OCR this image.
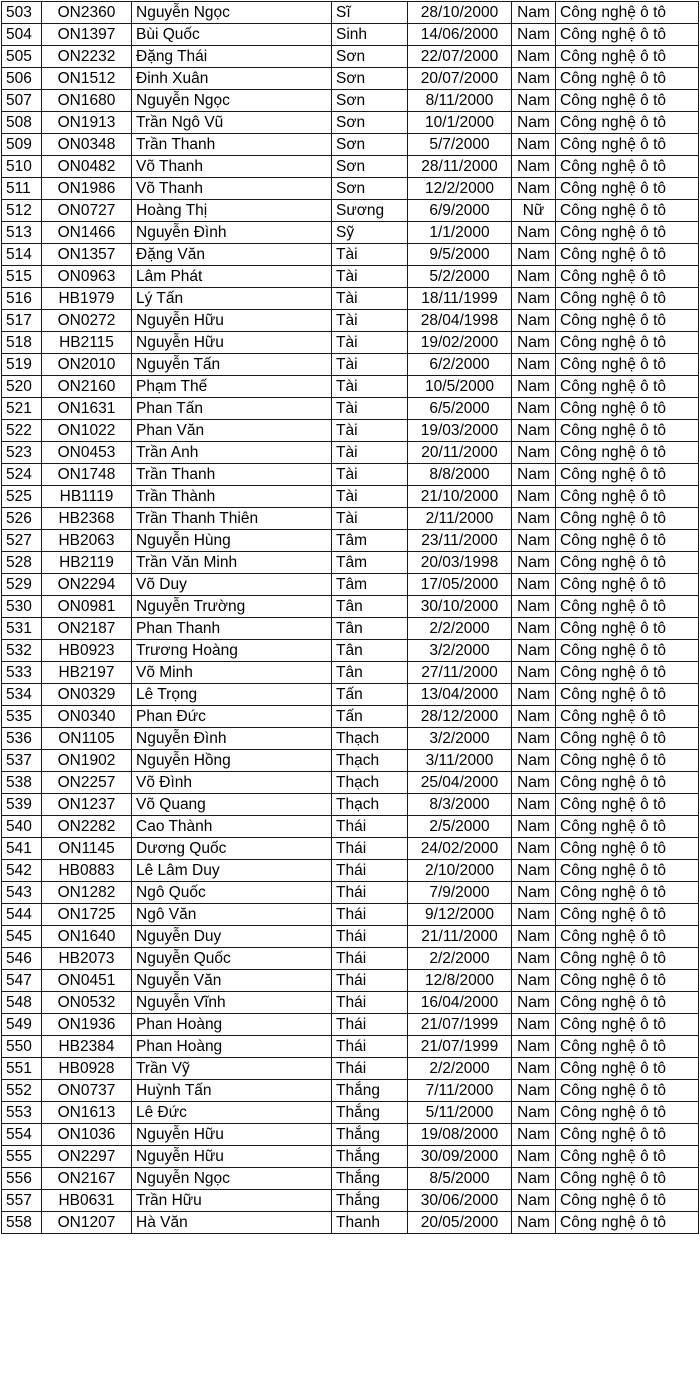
503	ON2360	Nguyễn Ngọc	Sĩ	28/10/2000	Nam	Công nghệ ô tô
504	ON1397	Bùi Quốc	Sinh	14/06/2000	Nam	Công nghệ ô tô
505	ON2232	Đặng Thái	Sơn	22/07/2000	Nam	Công nghệ ô tô
506	ON1512	Đinh Xuân	Sơn	20/07/2000	Nam	Công nghệ ô tô
507	ON1680	Nguyễn Ngọc	Sơn	8/11/2000	Nam	Công nghệ ô tô
508	ON1913	Trần Ngô Vũ	Sơn	10/1/2000	Nam	Công nghệ ô tô
509	ON0348	Trần Thanh	Sơn	5/7/2000	Nam	Công nghệ ô tô
510	ON0482	Võ Thanh	Sơn	28/11/2000	Nam	Công nghệ ô tô
511	ON1986	Võ Thanh	Sơn	12/2/2000	Nam	Công nghệ ô tô
512	ON0727	Hoàng Thị	Sương	6/9/2000	Nữ	Công nghệ ô tô
513	ON1466	Nguyễn Đình	Sỹ	1/1/2000	Nam	Công nghệ ô tô
514	ON1357	Đặng Văn	Tài	9/5/2000	Nam	Công nghệ ô tô
515	ON0963	Lâm Phát	Tài	5/2/2000	Nam	Công nghệ ô tô
516	HB1979	Lý Tấn	Tài	18/11/1999	Nam	Công nghệ ô tô
517	ON0272	Nguyễn Hữu	Tài	28/04/1998	Nam	Công nghệ ô tô
518	HB2115	Nguyễn Hữu	Tài	19/02/2000	Nam	Công nghệ ô tô
519	ON2010	Nguyễn Tấn	Tài	6/2/2000	Nam	Công nghệ ô tô
520	ON2160	Phạm Thế	Tài	10/5/2000	Nam	Công nghệ ô tô
521	ON1631	Phan Tấn	Tài	6/5/2000	Nam	Công nghệ ô tô
522	ON1022	Phan Văn	Tài	19/03/2000	Nam	Công nghệ ô tô
523	ON0453	Trần Anh	Tài	20/11/2000	Nam	Công nghệ ô tô
524	ON1748	Trần Thanh	Tài	8/8/2000	Nam	Công nghệ ô tô
525	HB1119	Trần Thành	Tài	21/10/2000	Nam	Công nghệ ô tô
526	HB2368	Trần Thanh Thiên	Tài	2/11/2000	Nam	Công nghệ ô tô
527	HB2063	Nguyễn Hùng	Tâm	23/11/2000	Nam	Công nghệ ô tô
528	HB2119	Trần Văn Minh	Tâm	20/03/1998	Nam	Công nghệ ô tô
529	ON2294	Võ Duy	Tâm	17/05/2000	Nam	Công nghệ ô tô
530	ON0981	Nguyễn Trường	Tân	30/10/2000	Nam	Công nghệ ô tô
531	ON2187	Phan Thanh	Tân	2/2/2000	Nam	Công nghệ ô tô
532	HB0923	Trương Hoàng	Tân	3/2/2000	Nam	Công nghệ ô tô
533	HB2197	Võ Minh	Tân	27/11/2000	Nam	Công nghệ ô tô
534	ON0329	Lê Trọng	Tấn	13/04/2000	Nam	Công nghệ ô tô
535	ON0340	Phan Đức	Tấn	28/12/2000	Nam	Công nghệ ô tô
536	ON1105	Nguyễn Đình	Thạch	3/2/2000	Nam	Công nghệ ô tô
537	ON1902	Nguyễn Hồng	Thạch	3/11/2000	Nam	Công nghệ ô tô
538	ON2257	Võ Đình	Thạch	25/04/2000	Nam	Công nghệ ô tô
539	ON1237	Võ Quang	Thạch	8/3/2000	Nam	Công nghệ ô tô
540	ON2282	Cao Thành	Thái	2/5/2000	Nam	Công nghệ ô tô
541	ON1145	Dương Quốc	Thái	24/02/2000	Nam	Công nghệ ô tô
542	HB0883	Lê Lâm Duy	Thái	2/10/2000	Nam	Công nghệ ô tô
543	ON1282	Ngô Quốc	Thái	7/9/2000	Nam	Công nghệ ô tô
544	ON1725	Ngô Văn	Thái	9/12/2000	Nam	Công nghệ ô tô
545	ON1640	Nguyễn Duy	Thái	21/11/2000	Nam	Công nghệ ô tô
546	HB2073	Nguyễn Quốc	Thái	2/2/2000	Nam	Công nghệ ô tô
547	ON0451	Nguyễn Văn	Thái	12/8/2000	Nam	Công nghệ ô tô
548	ON0532	Nguyễn Vĩnh	Thái	16/04/2000	Nam	Công nghệ ô tô
549	ON1936	Phan Hoàng	Thái	21/07/1999	Nam	Công nghệ ô tô
550	HB2384	Phan Hoàng	Thái	21/07/1999	Nam	Công nghệ ô tô
551	HB0928	Trần Vỹ	Thái	2/2/2000	Nam	Công nghệ ô tô
552	ON0737	Huỳnh Tấn	Thắng	7/11/2000	Nam	Công nghệ ô tô
553	ON1613	Lê Đức	Thắng	5/11/2000	Nam	Công nghệ ô tô
554	ON1036	Nguyễn Hữu	Thắng	19/08/2000	Nam	Công nghệ ô tô
555	ON2297	Nguyễn Hữu	Thắng	30/09/2000	Nam	Công nghệ ô tô
556	ON2167	Nguyễn Ngọc	Thắng	8/5/2000	Nam	Công nghệ ô tô
557	HB0631	Trần Hữu	Thắng	30/06/2000	Nam	Công nghệ ô tô
558	ON1207	Hà Văn	Thanh	20/05/2000	Nam	Công nghệ ô tô
